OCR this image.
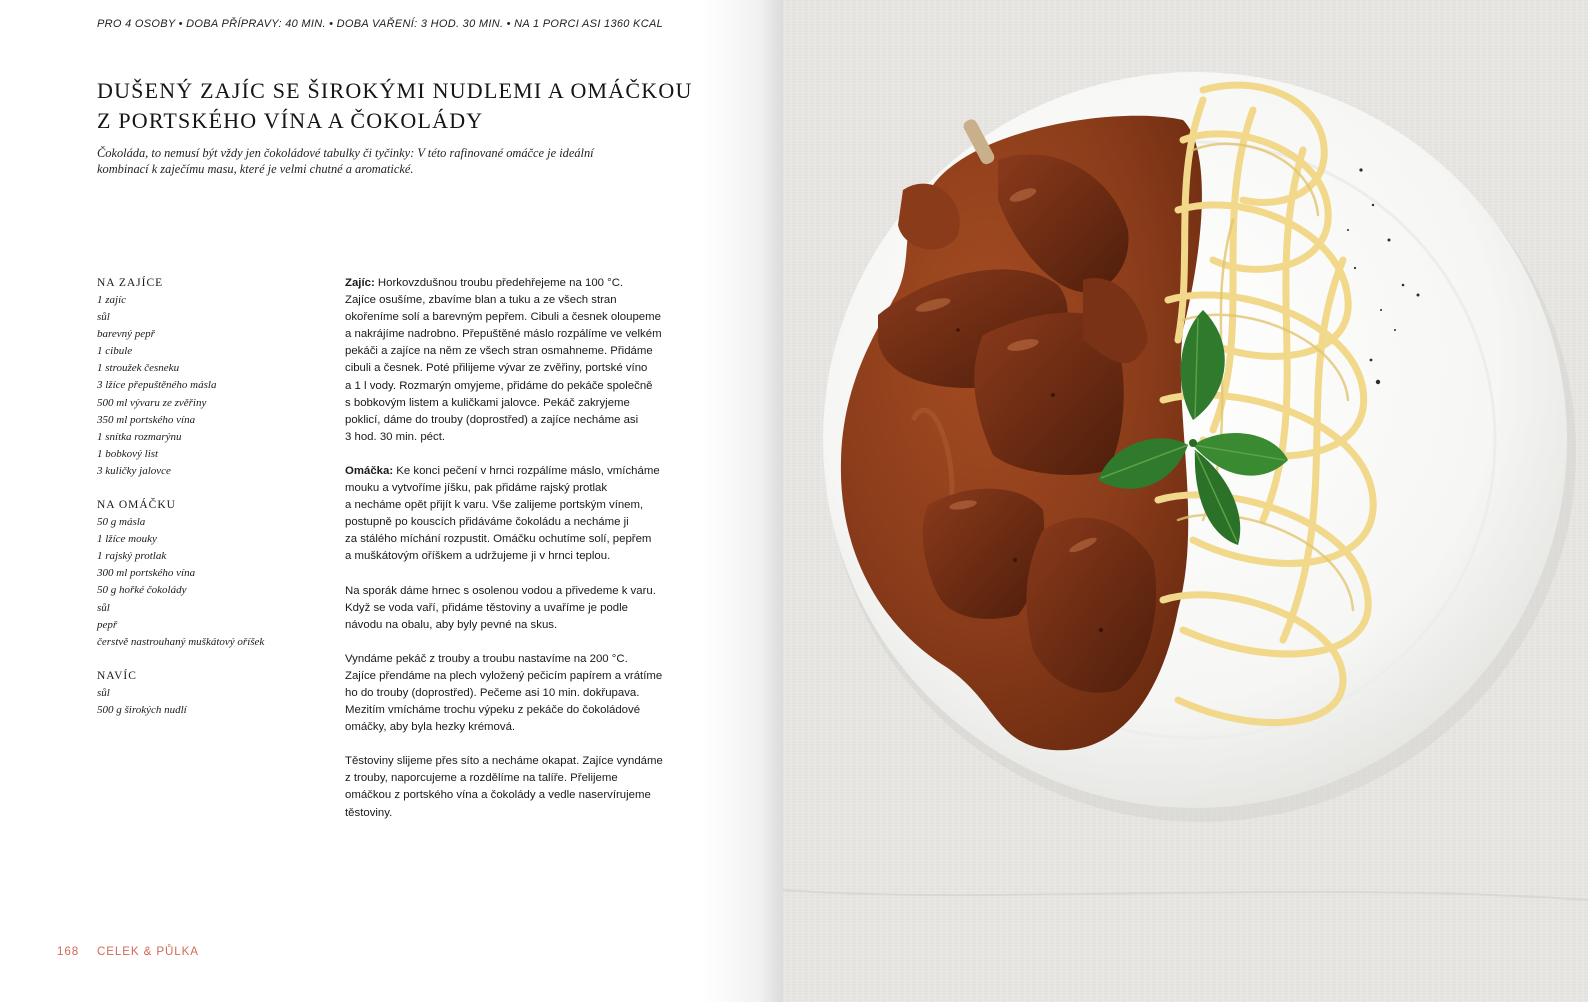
PRO 4 OSOBY • DOBA PŘÍPRAVY: 40 MIN. • DOBA VAŘENÍ: 3 HOD. 30 MIN. • NA 1 PORCI ASI 1360 KCAL
DUŠENÝ ZAJÍC SE ŠIROKÝMI NUDLEMI A OMÁČKOU
Z PORTSKÉHO VÍNA A ČOKOLÁDY

Čokoláda, to nemusí být vždy jen čokoládové tabulky či tyčinky: V této rafinované omáčce je ideální
kombinací k zaječímu masu, které je velmi chutné a aromatické.

NA ZAJÍCE
1 zajíc
sůl
barevný pepř
1 cibule
1 stroužek česneku
3 lžíce přepuštěného másla
500 ml vývaru ze zvěřiny
350 ml portského vína
1 snítka rozmarýnu
1 bobkový list
3 kuličky jalovce
NA OMÁČKU
50 g másla
1 lžíce mouky
1 rajský protlak
300 ml portského vína
50 g hořké čokolády
sůl
pepř
čerstvě nastrouhaný muškátový oříšek
NAVÍC
sůl
500 g širokých nudlí
Zajíc: Horkovzdušnou troubu předehřejeme na 100 °C.
Zajíce osušíme, zbavíme blan a tuku a ze všech stran
okořeníme solí a barevným pepřem. Cibuli a česnek oloupeme
a nakrájíme nadrobno. Přepuštěné máslo rozpálíme ve velkém
pekáči a zajíce na něm ze všech stran osmahneme. Přidáme
cibuli a česnek. Poté přilijeme vývar ze zvěřiny, portské víno
a 1 l vody. Rozmarýn omyjeme, přidáme do pekáče společně
s bobkovým listem a kuličkami jalovce. Pekáč zakryjeme
poklicí, dáme do trouby (doprostřed) a zajíce necháme asi
3 hod. 30 min. péct.
Omáčka: Ke konci pečení v hrnci rozpálíme máslo, vmícháme
mouku a vytvoříme jíšku, pak přidáme rajský protlak
a necháme opět přijít k varu. Vše zalijeme portským vínem,
postupně po kouscích přidáváme čokoládu a necháme ji
za stálého míchání rozpustit. Omáčku ochutíme solí, pepřem
a muškátovým oříškem a udržujeme ji v hrnci teplou.
Na sporák dáme hrnec s osolenou vodou a přivedeme k varu.
Když se voda vaří, přidáme těstoviny a uvaříme je podle
návodu na obalu, aby byly pevné na skus.
Vyndáme pekáč z trouby a troubu nastavíme na 200 °C.
Zajíce přendáme na plech vyložený pečicím papírem a vrátíme
ho do trouby (doprostřed). Pečeme asi 10 min. dokřupava.
Mezitím vmícháme trochu výpeku z pekáče do čokoládové
omáčky, aby byla hezky krémová.
Těstoviny slijeme přes síto a necháme okapat. Zajíce vyndáme
z trouby, naporcujeme a rozdělíme na talíře. Přelijeme
omáčkou z portského vína a čokolády a vedle naservírujeme
těstoviny.
168 CELEK & PŮLKA
